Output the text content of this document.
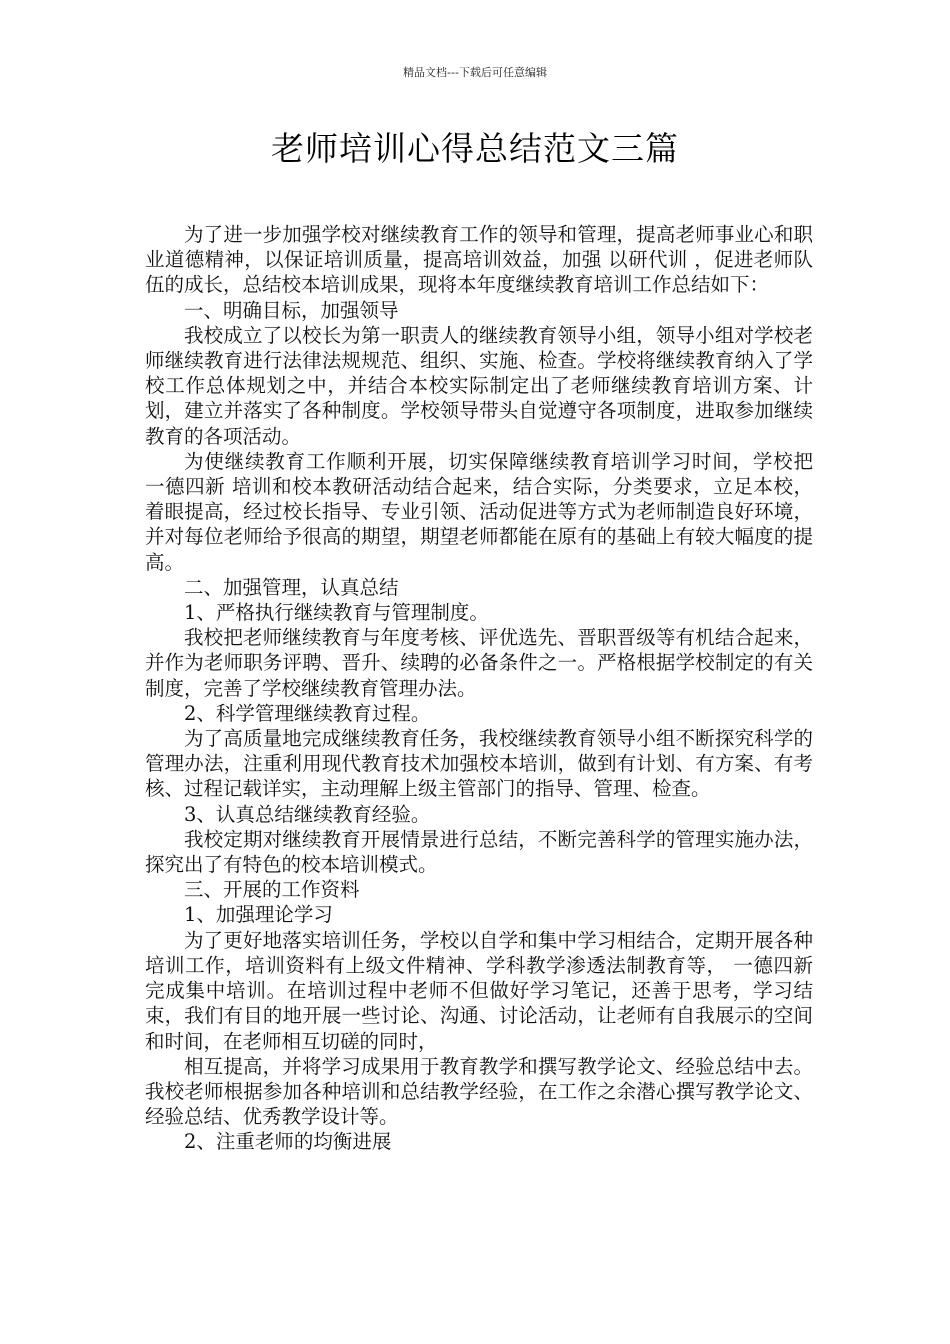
精品文档---下载后可任意编辑
老师培训心得总结范文三篇

为了进一步加强学校对继续教育工作的领导和管理，提高老师事业心和职业道德精神，以保证培训质量，提高培训效益，加强 以研代训 ，促进老师队伍的成长，总结校本培训成果，现将本年度继续教育培训工作总结如下：

一、明确目标，加强领导

我校成立了以校长为第一职责人的继续教育领导小组，领导小组对学校老师继续教育进行法律法规规范、组织、实施、检查。学校将继续教育纳入了学校工作总体规划之中，并结合本校实际制定出了老师继续教育培训方案、计划，建立并落实了各种制度。学校领导带头自觉遵守各项制度，进取参加继续教育的各项活动。

为使继续教育工作顺利开展，切实保障继续教育培训学习时间，学校把 一德四新 培训和校本教研活动结合起来，结合实际，分类要求，立足本校，着眼提高，经过校长指导、专业引领、活动促进等方式为老师制造良好环境，并对每位老师给予很高的期望，期望老师都能在原有的基础上有较大幅度的提高。

二、加强管理，认真总结

1、严格执行继续教育与管理制度。

我校把老师继续教育与年度考核、评优选先、晋职晋级等有机结合起来，并作为老师职务评聘、晋升、续聘的必备条件之一。严格根据学校制定的有关制度，完善了学校继续教育管理办法。

2、科学管理继续教育过程。

为了高质量地完成继续教育任务，我校继续教育领导小组不断探究科学的管理办法，注重利用现代教育技术加强校本培训，做到有计划、有方案、有考核、过程记载详实，主动理解上级主管部门的指导、管理、检查。

3、认真总结继续教育经验。

我校定期对继续教育开展情景进行总结，不断完善科学的管理实施办法，探究出了有特色的校本培训模式。

三、开展的工作资料

1、加强理论学习

为了更好地落实培训任务，学校以自学和集中学习相结合，定期开展各种培训工作，培训资料有上级文件精神、学科教学渗透法制教育等， 一德四新 完成集中培训。在培训过程中老师不但做好学习笔记，还善于思考，学习结束，我们有目的地开展一些讨论、沟通、讨论活动，让老师有自我展示的空间和时间，在老师相互切磋的同时，

相互提高，并将学习成果用于教育教学和撰写教学论文、经验总结中去。我校老师根据参加各种培训和总结教学经验，在工作之余潜心撰写教学论文、经验总结、优秀教学设计等。

2、注重老师的均衡进展
